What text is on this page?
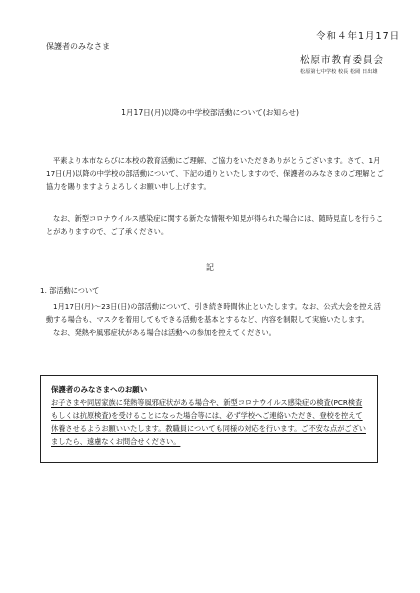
令和４年1月17日
保護者のみなさま
松原市教育委員会
松原第七中学校 校長 松岡 日出雄
1月17日(月)以降の中学校部活動について(お知らせ)
平素より本市ならびに本校の教育活動にご理解、ご協力をいただきありがとうございます。さて、1月17日(月)以降の中学校の部活動について、下記の通りといたしますので、保護者のみなさまのご理解とご協力を賜りますようよろしくお願い申し上げます。
なお、新型コロナウイルス感染症に関する新たな情報や知見が得られた場合には、随時見直しを行うことがありますので、ご了承ください。
記
1. 部活動について
1月17日(月)～23日(日)の部活動について、引き続き時間休止といたします。なお、公式大会を控え活動する場合も、マスクを着用してもできる活動を基本とするなど、内容を制限して実施いたします。
なお、発熱や風邪症状がある場合は活動への参加を控えてください。
保護者のみなさまへのお願い
お子さまや同居家族に発熱等風邪症状がある場合や、新型コロナウイルス感染症の検査(PCR検査もしくは抗原検査)を受けることになった場合等には、必ず学校へご連絡いただき、登校を控えて休養させるようお願いいたします。教職員についても同様の対応を行います。ご不安な点がございましたら、遠慮なくお問合せください。
